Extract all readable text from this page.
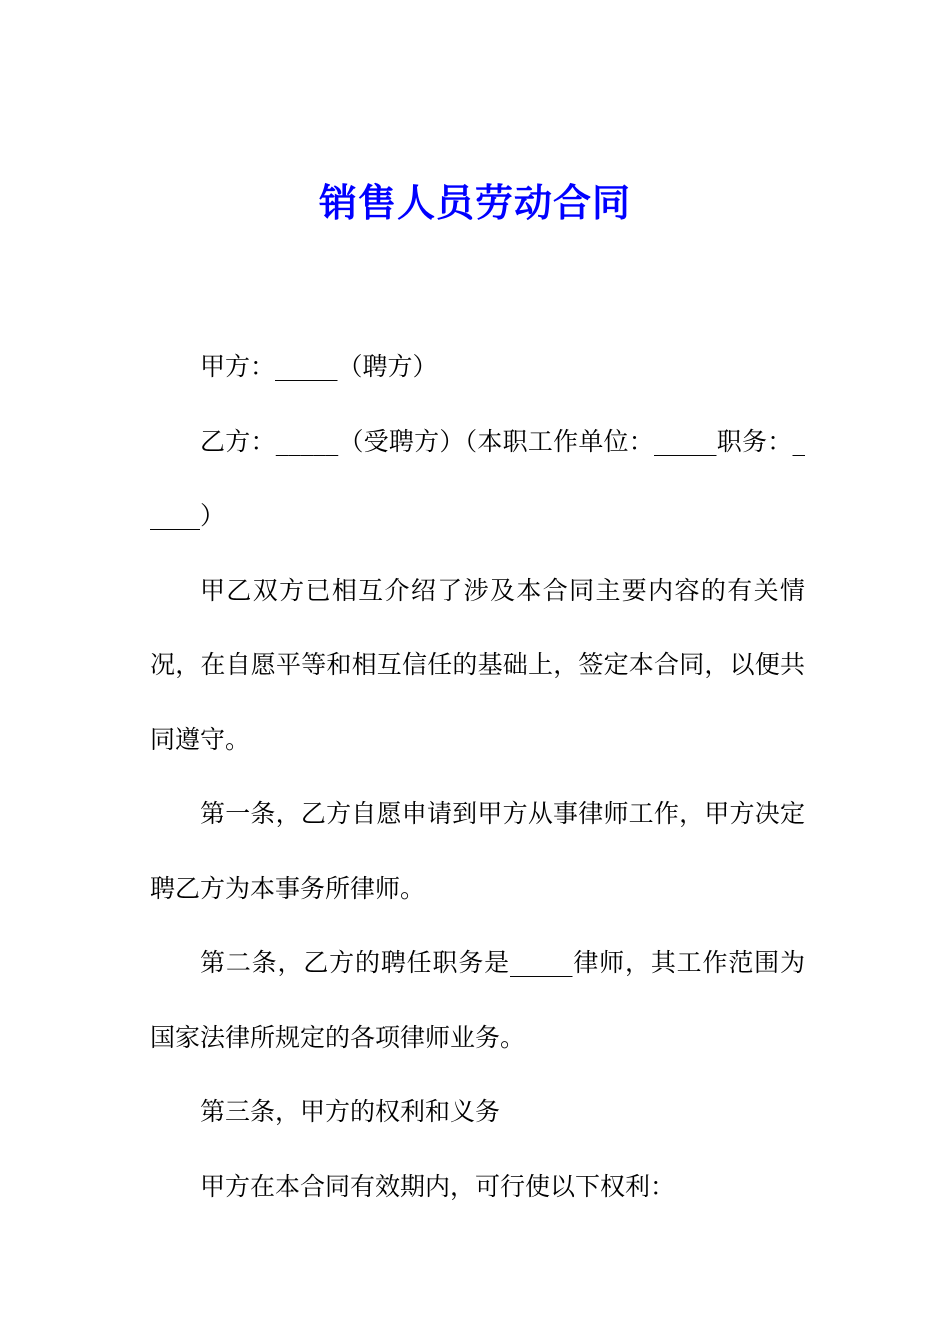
销售人员劳动合同

甲方：_____（聘方）

乙方：_____（受聘方）（本职工作单位：_____职务：_____）

甲乙双方已相互介绍了涉及本合同主要内容的有关情况，在自愿平等和相互信任的基础上，签定本合同，以便共同遵守。

第一条，乙方自愿申请到甲方从事律师工作，甲方决定聘乙方为本事务所律师。

第二条，乙方的聘任职务是_____律师，其工作范围为国家法律所规定的各项律师业务。

第三条，甲方的权利和义务

甲方在本合同有效期内，可行使以下权利：
